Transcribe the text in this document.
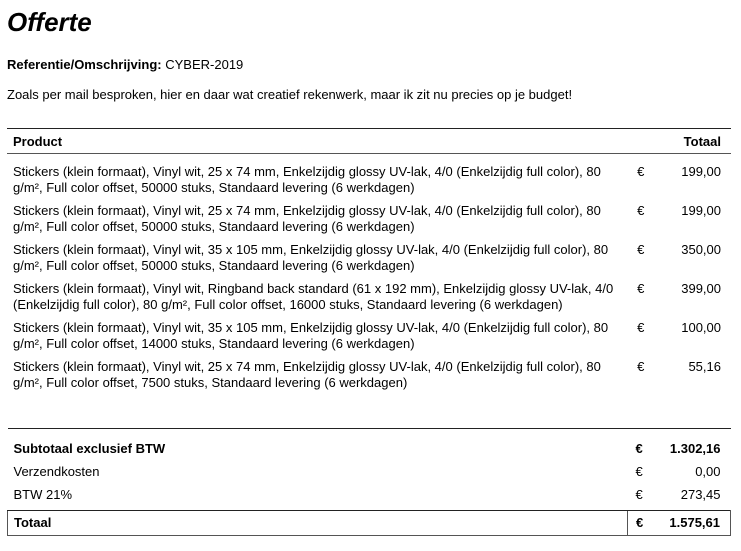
Offerte
Referentie/Omschrijving: CYBER-2019
Zoals per mail besproken, hier en daar wat creatief rekenwerk, maar ik zit nu precies op je budget!
Product	Totaal	
Stickers (klein formaat), Vinyl wit, 25 x 74 mm, Enkelzijdig glossy UV-lak, 4/0 (Enkelzijdig full color), 80 g/m², Full color offset, 50000 stuks, Standaard levering (6 werkdagen)	€	199,00
Stickers (klein formaat), Vinyl wit, 25 x 74 mm, Enkelzijdig glossy UV-lak, 4/0 (Enkelzijdig full color), 80 g/m², Full color offset, 50000 stuks, Standaard levering (6 werkdagen)	€	199,00
Stickers (klein formaat), Vinyl wit, 35 x 105 mm, Enkelzijdig glossy UV-lak, 4/0 (Enkelzijdig full color), 80 g/m², Full color offset, 50000 stuks, Standaard levering (6 werkdagen)	€	350,00
Stickers (klein formaat), Vinyl wit, Ringband back standard (61 x 192 mm), Enkelzijdig glossy UV-lak, 4/0 (Enkelzijdig full color), 80 g/m², Full color offset, 16000 stuks, Standaard levering (6 werkdagen)	€	399,00
Stickers (klein formaat), Vinyl wit, 35 x 105 mm, Enkelzijdig glossy UV-lak, 4/0 (Enkelzijdig full color), 80 g/m², Full color offset, 14000 stuks, Standaard levering (6 werkdagen)	€	100,00
Stickers (klein formaat), Vinyl wit, 25 x 74 mm, Enkelzijdig glossy UV-lak, 4/0 (Enkelzijdig full color), 80 g/m², Full color offset, 7500 stuks, Standaard levering (6 werkdagen)	€	55,16
Subtotaal exclusief BTW	€	1.302,16
Verzendkosten	€	0,00
BTW 21%	€	273,45

Totaal	€	1.575,61
